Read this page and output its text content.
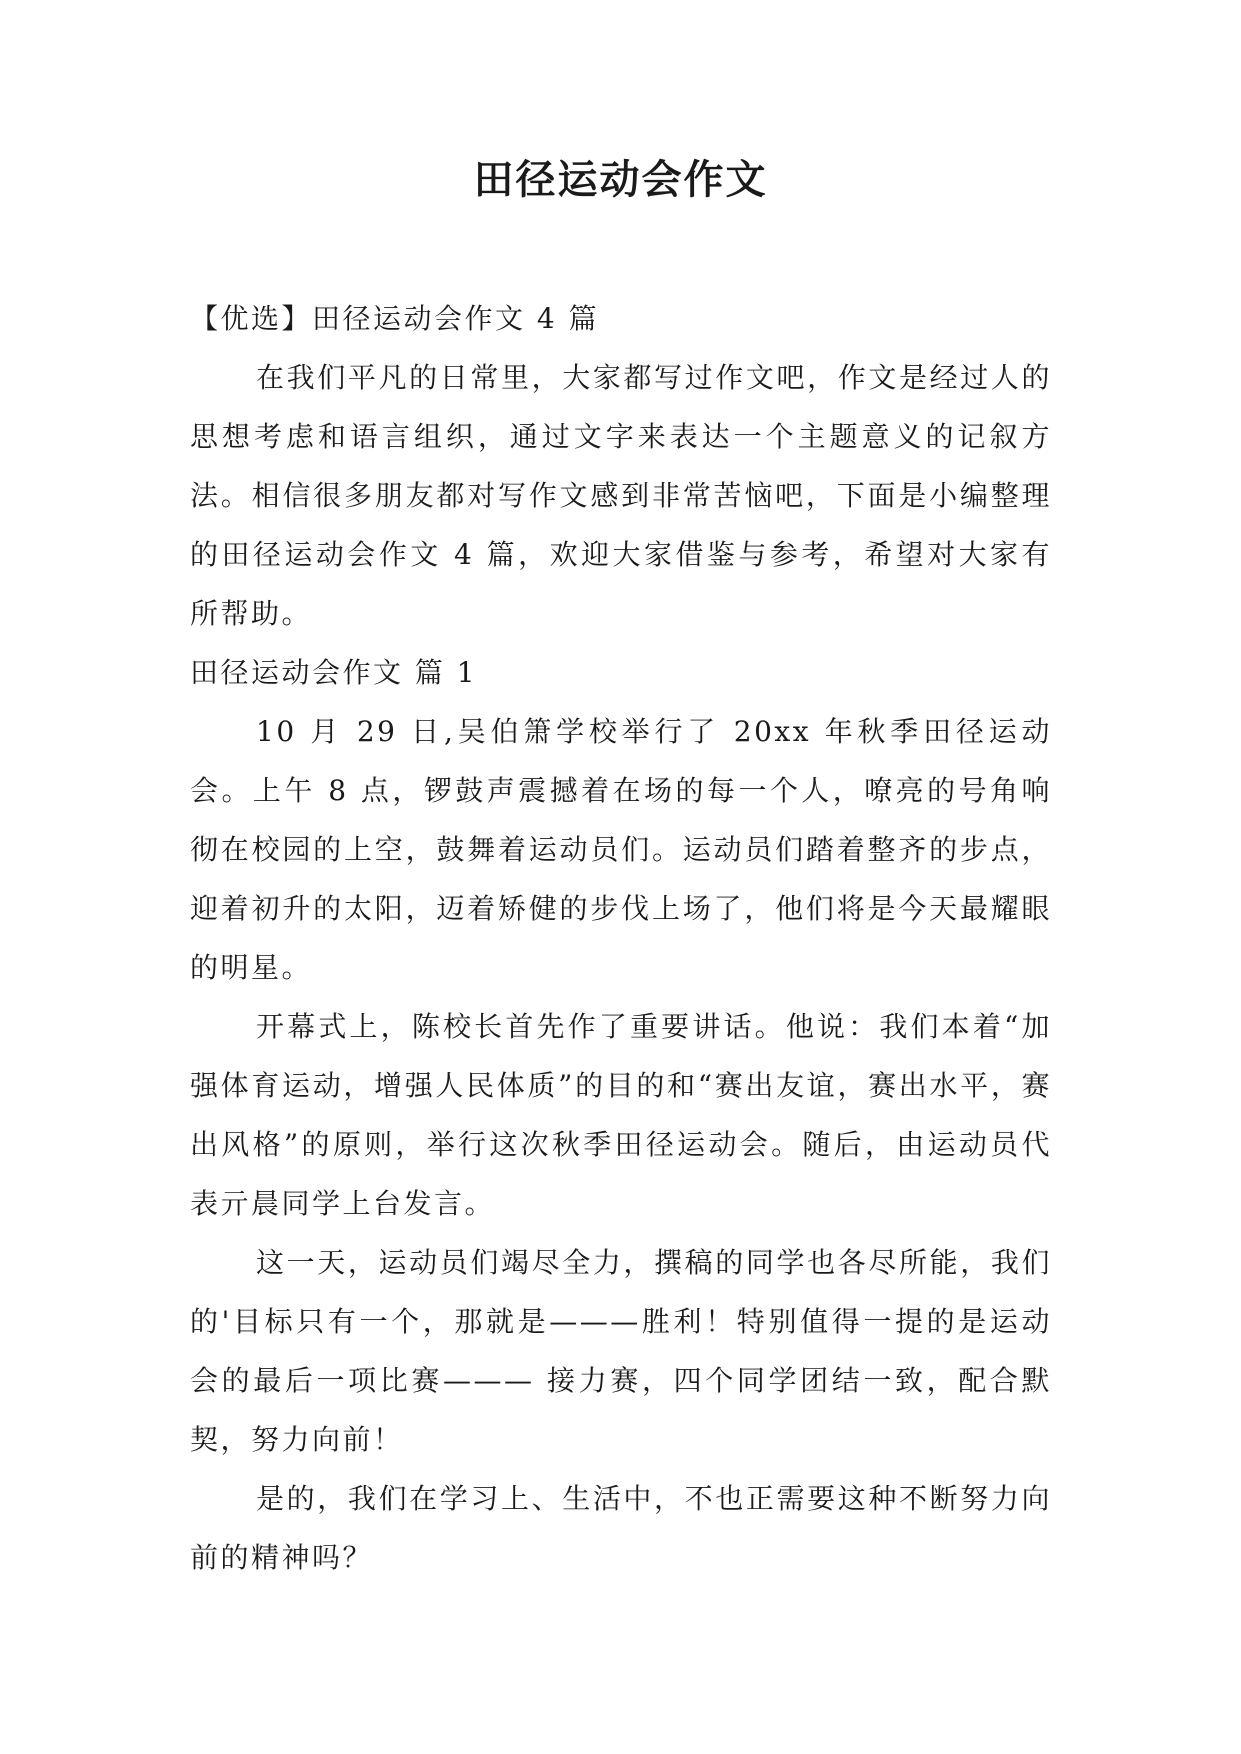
田径运动会作文

【优选】田径运动会作文 4 篇

在我们平凡的日常里，大家都写过作文吧，作文是经过人的思想考虑和语言组织，通过文字来表达一个主题意义的记叙方法。相信很多朋友都对写作文感到非常苦恼吧，下面是小编整理的田径运动会作文 4 篇，欢迎大家借鉴与参考，希望对大家有所帮助。

田径运动会作文 篇 1

10 月 29 日,吴伯箫学校举行了 20xx 年秋季田径运动会。上午 8 点，锣鼓声震撼着在场的每一个人，嘹亮的号角响彻在校园的上空，鼓舞着运动员们。运动员们踏着整齐的步点，迎着初升的太阳，迈着矫健的步伐上场了，他们将是今天最耀眼的明星。

开幕式上，陈校长首先作了重要讲话。他说：我们本着“加强体育运动，增强人民体质”的目的和“赛出友谊，赛出水平，赛出风格”的原则，举行这次秋季田径运动会。随后，由运动员代表亓晨同学上台发言。

这一天，运动员们竭尽全力，撰稿的同学也各尽所能，我们的'目标只有一个，那就是———胜利！特别值得一提的是运动会的最后一项比赛——— 接力赛，四个同学团结一致，配合默契，努力向前！

是的，我们在学习上、生活中，不也正需要这种不断努力向前的精神吗？
